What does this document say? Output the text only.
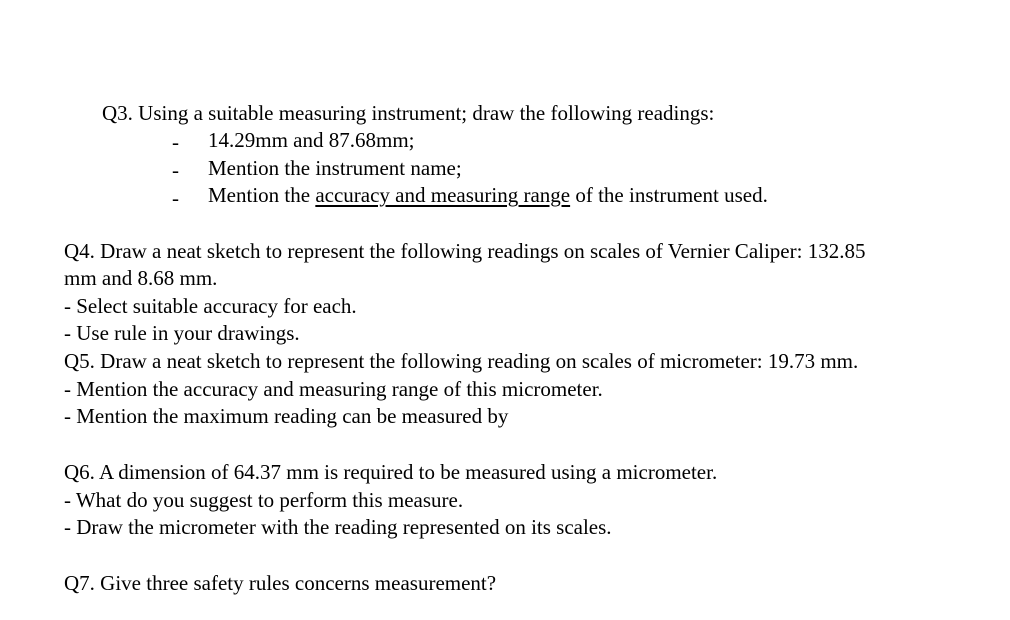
Q3. Using a suitable measuring instrument; draw the following readings:
- 14.29mm and 87.68mm;
- Mention the instrument name;
- Mention the accuracy and measuring range of the instrument used.
Q4. Draw a neat sketch to represent the following readings on scales of Vernier Caliper: 132.85
mm and 8.68 mm.
- Select suitable accuracy for each.
- Use rule in your drawings.
Q5. Draw a neat sketch to represent the following reading on scales of micrometer: 19.73 mm.
- Mention the accuracy and measuring range of this micrometer.
- Mention the maximum reading can be measured by
Q6. A dimension of 64.37 mm is required to be measured using a micrometer.
- What do you suggest to perform this measure.
- Draw the micrometer with the reading represented on its scales.
Q7. Give three safety rules concerns measurement?
